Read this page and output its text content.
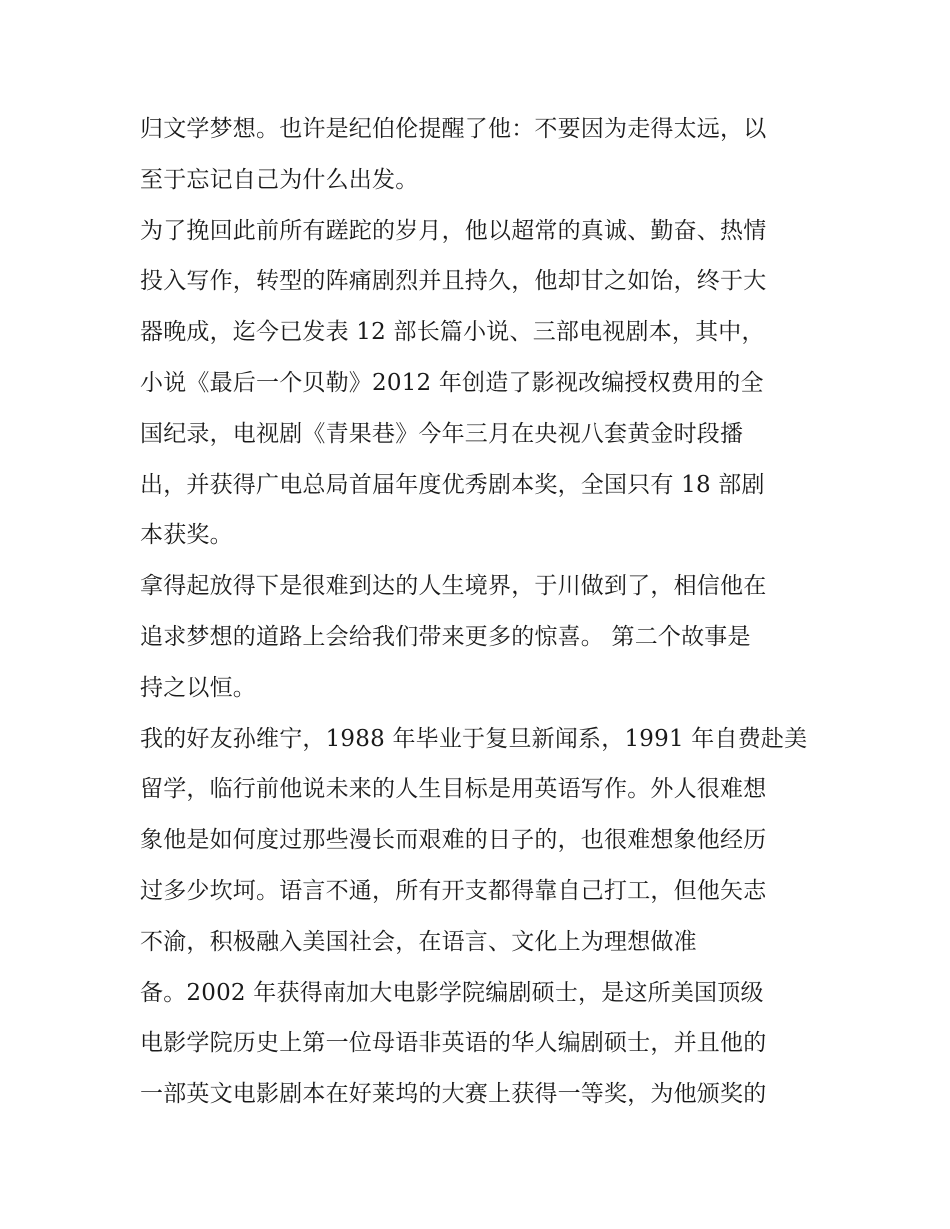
归文学梦想。也许是纪伯伦提醒了他：不要因为走得太远，以
至于忘记自己为什么出发。
为了挽回此前所有蹉跎的岁月，他以超常的真诚、勤奋、热情
投入写作，转型的阵痛剧烈并且持久，他却甘之如饴，终于大
器晚成，迄今已发表 12 部长篇小说、三部电视剧本，其中，
小说《最后一个贝勒》2012 年创造了影视改编授权费用的全
国纪录，电视剧《青果巷》今年三月在央视八套黄金时段播
出，并获得广电总局首届年度优秀剧本奖，全国只有 18 部剧
本获奖。
拿得起放得下是很难到达的人生境界，于川做到了，相信他在
追求梦想的道路上会给我们带来更多的惊喜。 第二个故事是
持之以恒。
我的好友孙维宁，1988 年毕业于复旦新闻系，1991 年自费赴美
留学，临行前他说未来的人生目标是用英语写作。外人很难想
象他是如何度过那些漫长而艰难的日子的，也很难想象他经历
过多少坎坷。语言不通，所有开支都得靠自己打工，但他矢志
不渝，积极融入美国社会，在语言、文化上为理想做准
备。2002 年获得南加大电影学院编剧硕士，是这所美国顶级
电影学院历史上第一位母语非英语的华人编剧硕士，并且他的
一部英文电影剧本在好莱坞的大赛上获得一等奖，为他颁奖的
